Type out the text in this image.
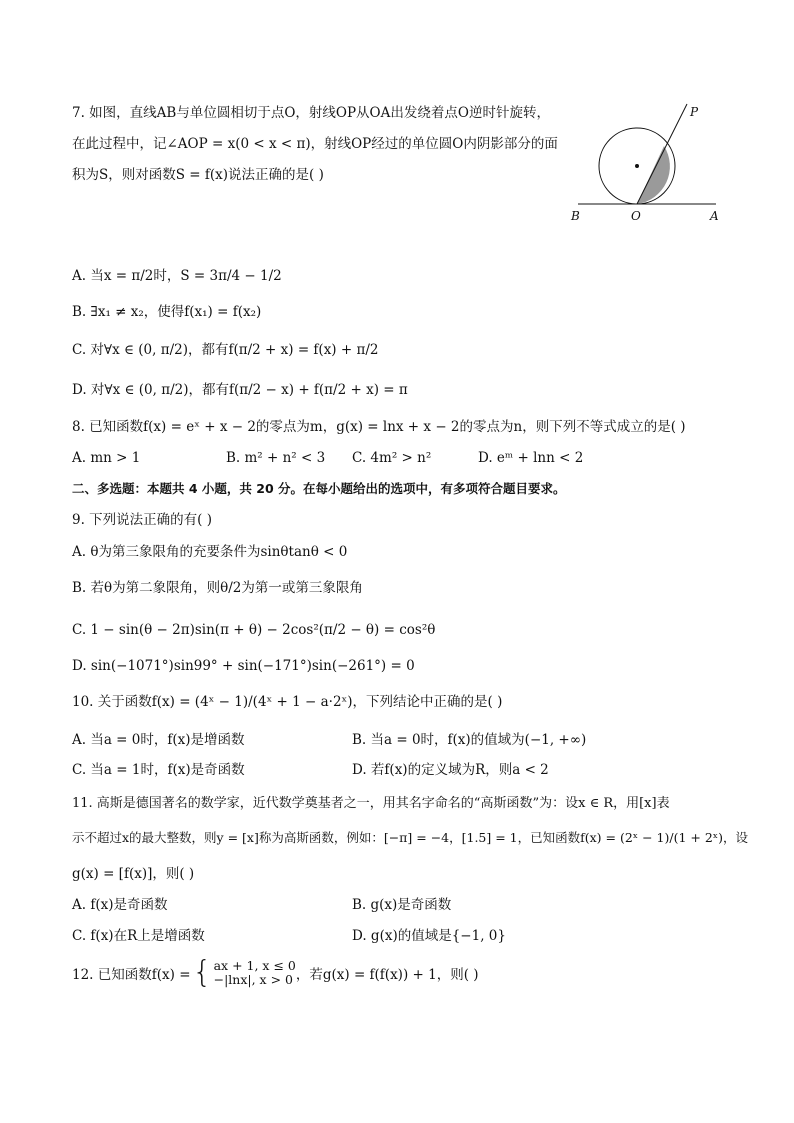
7. 如图，直线AB与单位圆相切于点O，射线OP从OA出发绕着点O逆时针旋转，
在此过程中，记∠AOP = x(0 < x < π)，射线OP经过的单位圆O内阴影部分的面
积为S，则对函数S = f(x)说法正确的是( )
P
B	O	A
A. 当x = π/2时，S = 3π/4 − 1/2
B. ∃x₁ ≠ x₂，使得f(x₁) = f(x₂)
C. 对∀x ∈ (0, π/2)，都有f(π/2 + x) = f(x) + π/2
D. 对∀x ∈ (0, π/2)，都有f(π/2 − x) + f(π/2 + x) = π
8. 已知函数f(x) = eˣ + x − 2的零点为m，g(x) = lnx + x − 2的零点为n，则下列不等式成立的是( )
A. mn > 1	B. m² + n² < 3 C. 4m² > n²	D. eᵐ + lnn < 2
二、多选题：本题共 4 小题，共 20 分。在每小题给出的选项中，有多项符合题目要求。
9. 下列说法正确的有( )
A. θ为第三象限角的充要条件为sinθtanθ < 0
B. 若θ为第二象限角，则θ/2为第一或第三象限角
C. 1 − sin(θ − 2π)sin(π + θ) − 2cos²(π/2 − θ) = cos²θ
D. sin(−1071°)sin99° + sin(−171°)sin(−261°) = 0
10. 关于函数f(x) = (4ˣ − 1)/(4ˣ + 1 − a·2ˣ)，下列结论中正确的是( )
A. 当a = 0时，f(x)是增函数	B. 当a = 0时，f(x)的值域为(−1, +∞)
C. 当a = 1时，f(x)是奇函数	D. 若f(x)的定义域为R，则a < 2
11. 高斯是德国著名的数学家，近代数学奠基者之一，用其名字命名的“高斯函数”为：设x ∈ R，用[x]表
示不超过x的最大整数，则y = [x]称为高斯函数，例如：[−π] = −4，[1.5] = 1，已知函数f(x) = (2ˣ − 1)/(1 + 2ˣ)，设
g(x) = [f(x)]，则( )
A. f(x)是奇函数	B. g(x)是奇函数
C. f(x)在R上是增函数	D. g(x)的值域是{−1, 0}
12. 已知函数f(x) = { ax + 1, x ≤ 0
−|lnx|, x > 0 ，若g(x) = f(f(x)) + 1，则( )
